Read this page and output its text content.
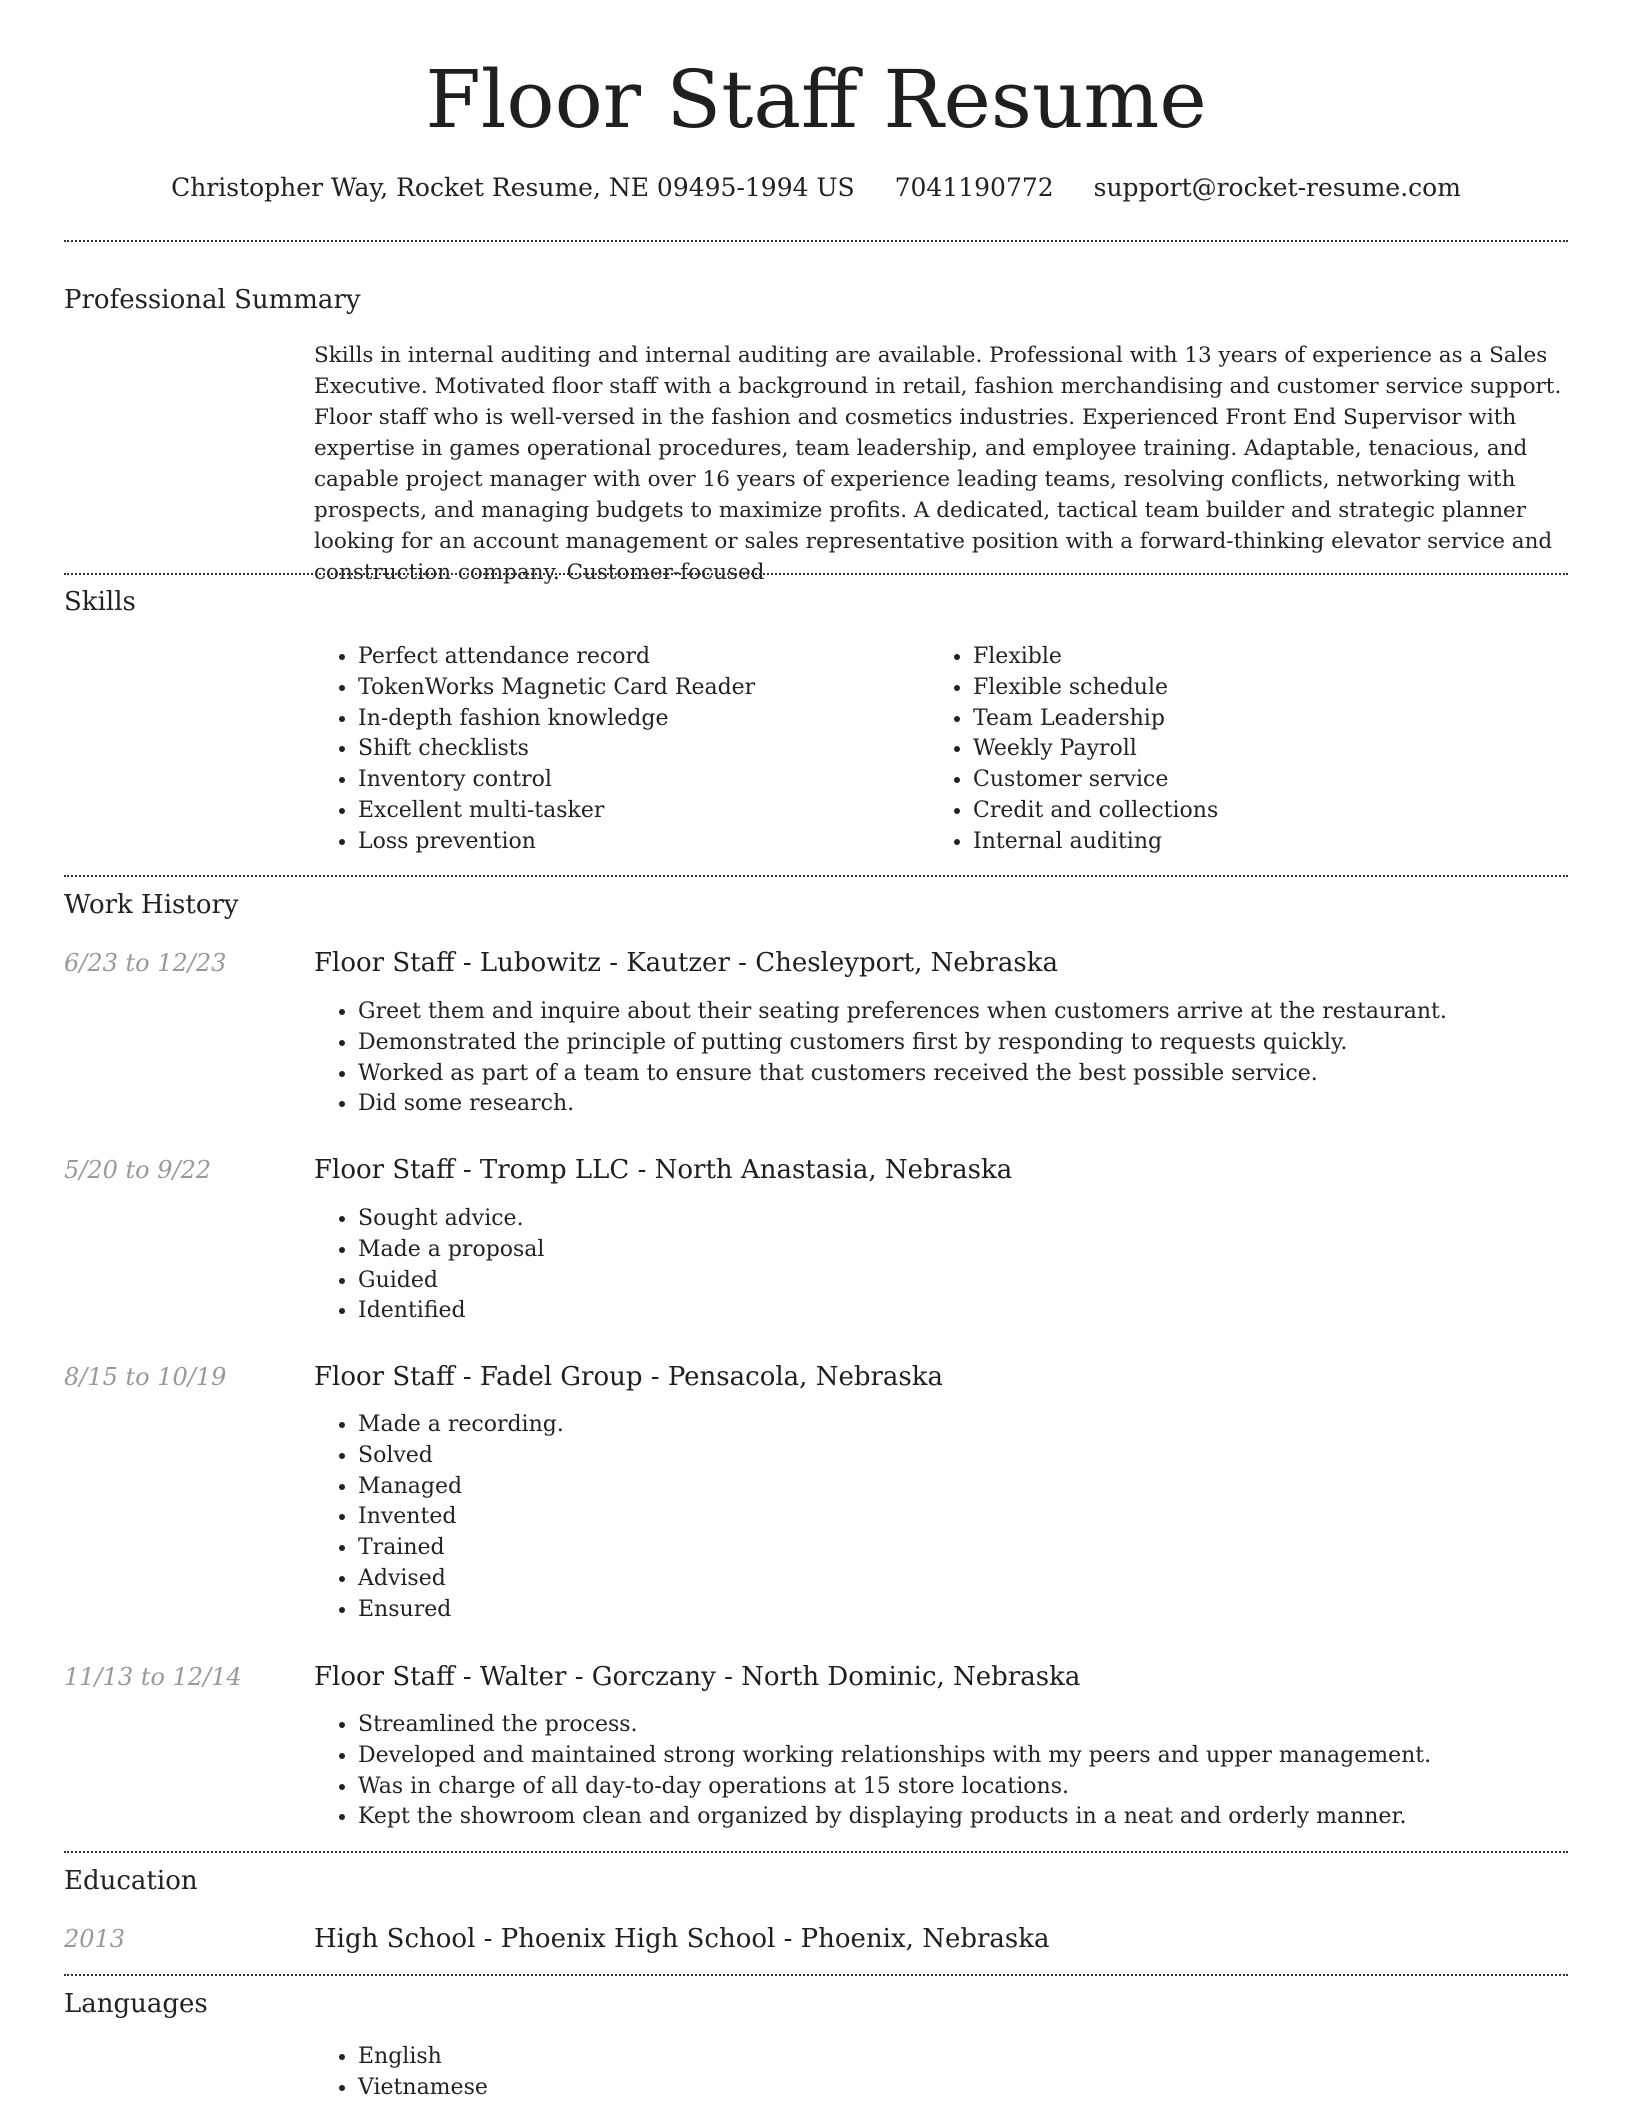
Floor Staff Resume
Christopher Way, Rocket Resume, NE 09495-1994 US 7041190772 support@rocket-resume.com
Professional Summary

Skills in internal auditing and internal auditing are available. Professional with 13 years of experience as a Sales Executive. Motivated floor staff with a background in retail, fashion merchandising and customer service support. Floor staff who is well-versed in the fashion and cosmetics industries. Experienced Front End Supervisor with expertise in games operational procedures, team leadership, and employee training. Adaptable, tenacious, and capable project manager with over 16 years of experience leading teams, resolving conflicts, networking with prospects, and managing budgets to maximize profits. A dedicated, tactical team builder and strategic planner looking for an account management or sales representative position with a forward-thinking elevator service and construction company. Customer-focused

Skills
• Perfect attendance record
• TokenWorks Magnetic Card Reader
• In-depth fashion knowledge
• Shift checklists
• Inventory control
• Excellent multi-tasker
• Loss prevention
• Flexible
• Flexible schedule
• Team Leadership
• Weekly Payroll
• Customer service
• Credit and collections
• Internal auditing
Work History
6/23 to 12/23	Floor Staff - Lubowitz - Kautzer - Chesleyport, Nebraska
• Greet them and inquire about their seating preferences when customers arrive at the restaurant.
• Demonstrated the principle of putting customers first by responding to requests quickly.
• Worked as part of a team to ensure that customers received the best possible service.
• Did some research.
5/20 to 9/22	Floor Staff - Tromp LLC - North Anastasia, Nebraska
• Sought advice.
• Made a proposal
• Guided
• Identified
8/15 to 10/19	Floor Staff - Fadel Group - Pensacola, Nebraska
• Made a recording.
• Solved
• Managed
• Invented
• Trained
• Advised
• Ensured
11/13 to 12/14	Floor Staff - Walter - Gorczany - North Dominic, Nebraska
• Streamlined the process.
• Developed and maintained strong working relationships with my peers and upper management.
• Was in charge of all day-to-day operations at 15 store locations.
• Kept the showroom clean and organized by displaying products in a neat and orderly manner.
Education
2013	High School - Phoenix High School - Phoenix, Nebraska
Languages
• English
• Vietnamese
